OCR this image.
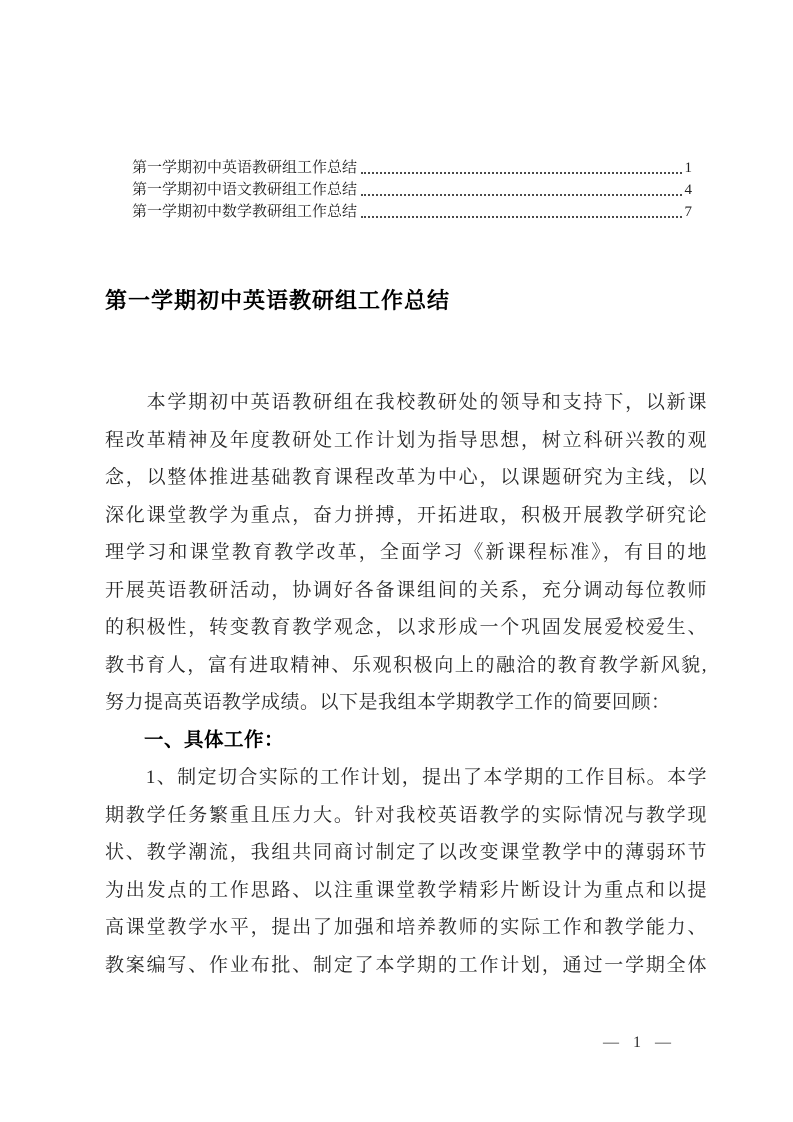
第一学期初中英语教研组工作总结	1
第一学期初中语文教研组工作总结	4
第一学期初中数学教研组工作总结	7
第一学期初中英语教研组工作总结
　　本学期初中英语教研组在我校教研处的领导和支持下，以新课
程改革精神及年度教研处工作计划为指导思想，树立科研兴教的观
念，以整体推进基础教育课程改革为中心，以课题研究为主线，以
深化课堂教学为重点，奋力拼搏，开拓进取，积极开展教学研究论
理学习和课堂教育教学改革，全面学习《新课程标准》，有目的地
开展英语教研活动，协调好各备课组间的关系，充分调动每位教师
的积极性，转变教育教学观念，以求形成一个巩固发展爱校爱生、
教书育人，富有进取精神、乐观积极向上的融洽的教育教学新风貌,
努力提高英语教学成绩。以下是我组本学期教学工作的简要回顾：
一、具体工作：
　　1、制定切合实际的工作计划，提出了本学期的工作目标。本学
期教学任务繁重且压力大。针对我校英语教学的实际情况与教学现
状、教学潮流，我组共同商讨制定了以改变课堂教学中的薄弱环节
为出发点的工作思路、以注重课堂教学精彩片断设计为重点和以提
高课堂教学水平，提出了加强和培养教师的实际工作和教学能力、
教案编写、作业布批、制定了本学期的工作计划，通过一学期全体
— 1 —
